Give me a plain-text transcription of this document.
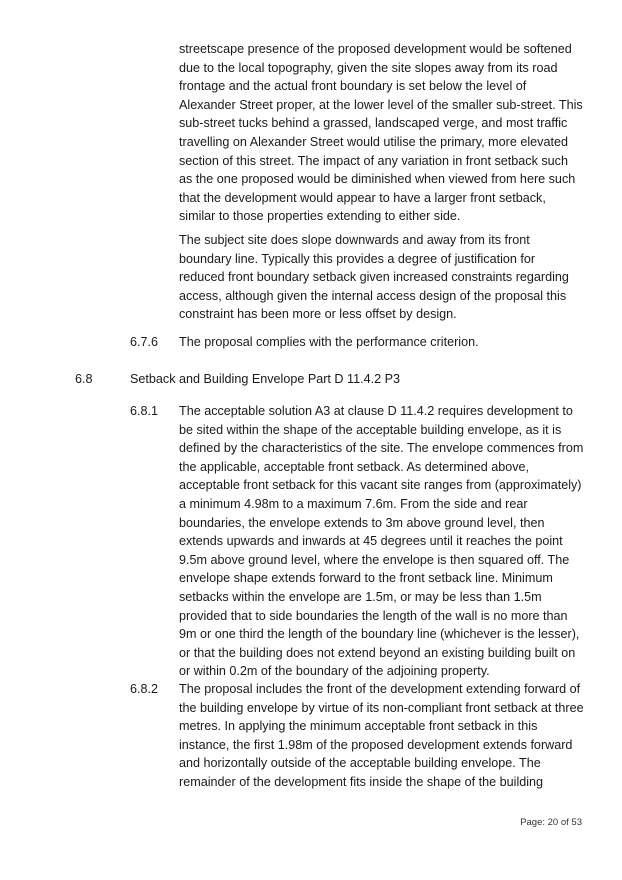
streetscape presence of the proposed development would be softened due to the local topography, given the site slopes away from its road frontage and the actual front boundary is set below the level of Alexander Street proper, at the lower level of the smaller sub-street. This sub-street tucks behind a grassed, landscaped verge, and most traffic travelling on Alexander Street would utilise the primary, more elevated section of this street. The impact of any variation in front setback such as the one proposed would be diminished when viewed from here such that the development would appear to have a larger front setback, similar to those properties extending to either side.

The subject site does slope downwards and away from its front boundary line. Typically this provides a degree of justification for reduced front boundary setback given increased constraints regarding access, although given the internal access design of the proposal this constraint has been more or less offset by design.

6.7.6 The proposal complies with the performance criterion.

6.8	Setback and Building Envelope Part D 11.4.2 P3

6.8.1 The acceptable solution A3 at clause D 11.4.2 requires development to be sited within the shape of the acceptable building envelope, as it is defined by the characteristics of the site. The envelope commences from the applicable, acceptable front setback. As determined above, acceptable front setback for this vacant site ranges from (approximately) a minimum 4.98m to a maximum 7.6m. From the side and rear boundaries, the envelope extends to 3m above ground level, then extends upwards and inwards at 45 degrees until it reaches the point 9.5m above ground level, where the envelope is then squared off. The envelope shape extends forward to the front setback line. Minimum setbacks within the envelope are 1.5m, or may be less than 1.5m provided that to side boundaries the length of the wall is no more than 9m or one third the length of the boundary line (whichever is the lesser), or that the building does not extend beyond an existing building built on or within 0.2m of the boundary of the adjoining property.

6.8.2 The proposal includes the front of the development extending forward of the building envelope by virtue of its non-compliant front setback at three metres. In applying the minimum acceptable front setback in this instance, the first 1.98m of the proposed development extends forward and horizontally outside of the acceptable building envelope. The remainder of the development fits inside the shape of the building

Page: 20 of 53
